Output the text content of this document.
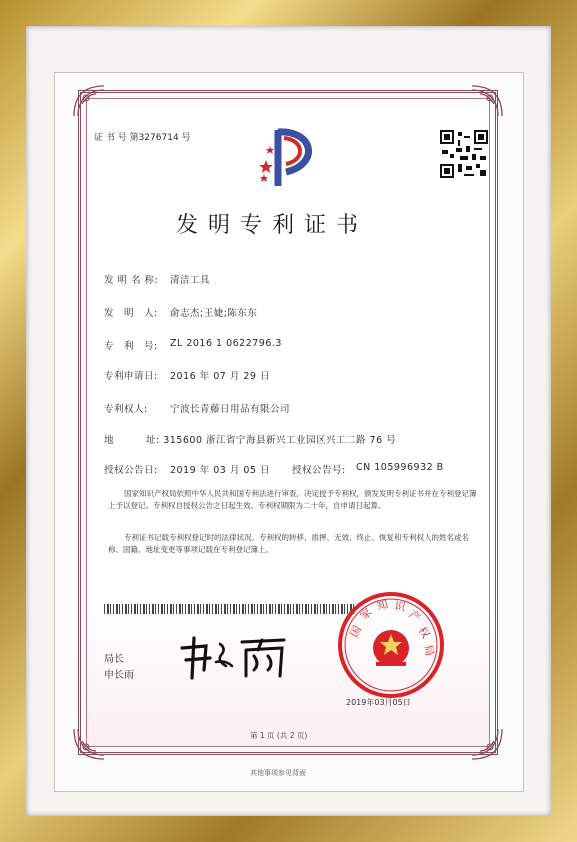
证 书 号 第3276714 号
发明专利证书
发 明 名 称: 清洁工具
发　明　人: 俞志杰;王婕;陈东东
专　利　号: ZL 2016 1 0622796.3
专利申请日: 2016 年 07 月 29 日
专利权人: 宁波长青藤日用品有限公司
地	址: 315600 浙江省宁海县新兴工业园区兴工二路 76 号
授权公告日: 2019 年 03 月 05 日 授权公告号: CN 105996932 B
国家知识产权局依照中华人民共和国专利法进行审查，决定授予专利权，颁发发明专利证书并在专利登记簿上予以登记。专利权自授权公告之日起生效。专利权期限为二十年，自申请日起算。
专利证书记载专利权登记时的法律状况。专利权的转移、质押、无效、终止、恢复和专利权人的姓名或名称、国籍、地址变更等事项记载在专利登记簿上。
局长
申长雨
国
家
知 识
产
权
局
2019年03月05日
第 1 页 (共 2 页)
其他事项参见背面
